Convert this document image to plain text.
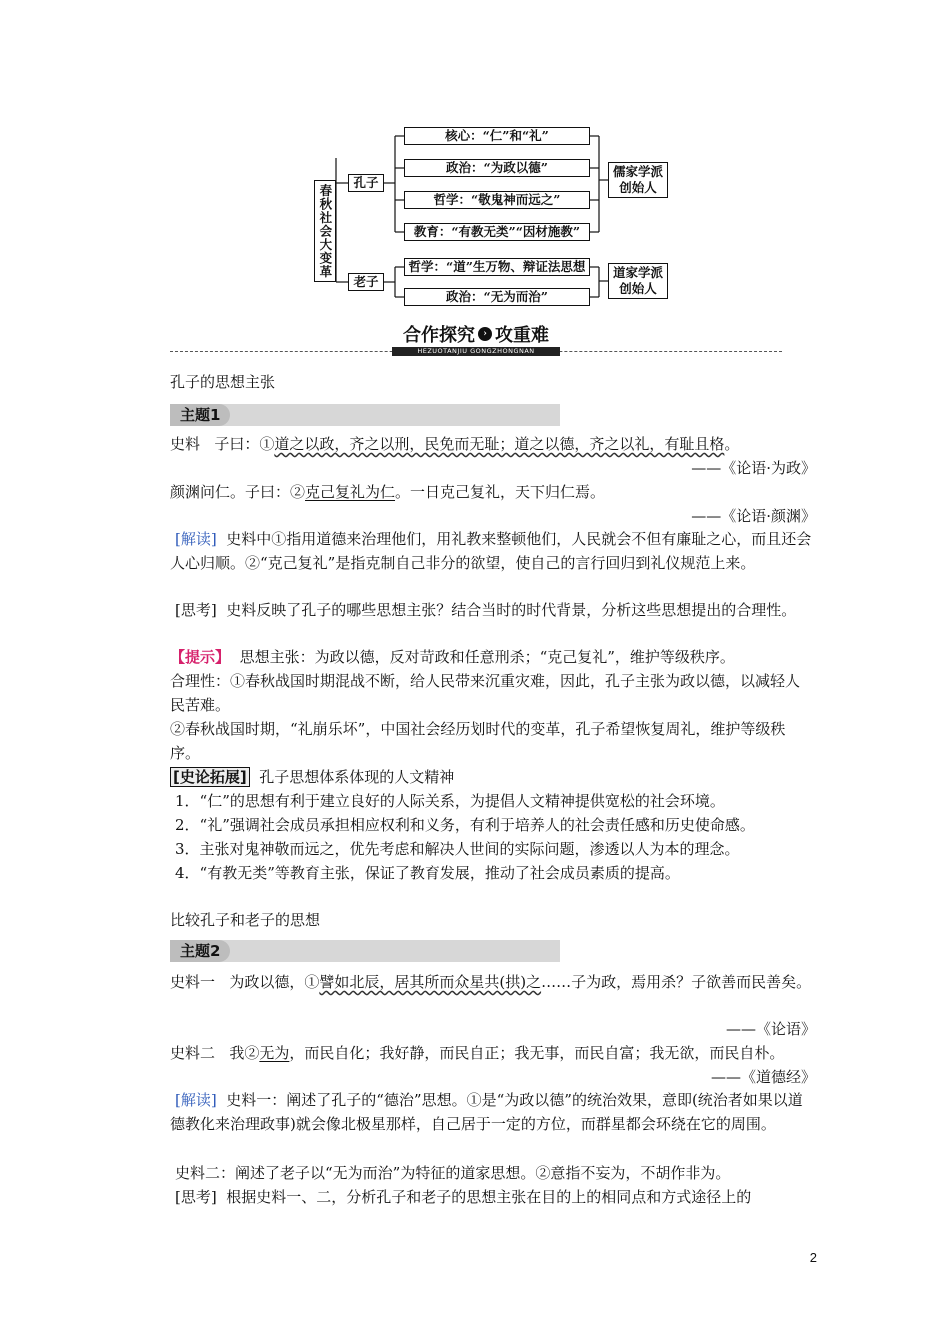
春秋社会大变革
孔子
核心：“仁”和“礼”
政治：“为政以德”
哲学：“敬鬼神而远之”
教育：“有教无类”“因材施教”
儒家学派创始人
老子
哲学：“道”生万物、辩证法思想
政治：“无为而治”
道家学派创始人
合作探究 › 攻重难
HEZUOTANJIU GONGZHONGNAN
孔子的思想主张
主题1
史料 子曰：①道之以政，齐之以刑，民免而无耻；道之以德，齐之以礼，有耻且格。
——《论语·为政》
颜渊问仁。子曰：②克己复礼为仁。一日克己复礼，天下归仁焉。
——《论语·颜渊》
[解读] 史料中①指用道德来治理他们，用礼教来整顿他们，人民就会不但有廉耻之心，而且还会人心归顺。②“克己复礼”是指克制自己非分的欲望，使自己的言行回归到礼仪规范上来。
[思考] 史料反映了孔子的哪些思想主张？结合当时的时代背景，分析这些思想提出的合理性。
【提示】 思想主张：为政以德，反对苛政和任意刑杀；“克己复礼”，维护等级秩序。
合理性：①春秋战国时期混战不断，给人民带来沉重灾难，因此，孔子主张为政以德，以减轻人民苦难。
②春秋战国时期，“礼崩乐坏”，中国社会经历划时代的变革，孔子希望恢复周礼，维护等级秩序。
[史论拓展] 孔子思想体系体现的人文精神
1．“仁”的思想有利于建立良好的人际关系，为提倡人文精神提供宽松的社会环境。
2．“礼”强调社会成员承担相应权利和义务，有利于培养人的社会责任感和历史使命感。
3．主张对鬼神敬而远之，优先考虑和解决人世间的实际问题，渗透以人为本的理念。
4．“有教无类”等教育主张，保证了教育发展，推动了社会成员素质的提高。
比较孔子和老子的思想
主题2
史料一 为政以德，①譬如北辰，居其所而众星共(拱)之……子为政，焉用杀？子欲善而民善矣。
——《论语》
史料二 我②无为，而民自化；我好静，而民自正；我无事，而民自富；我无欲，而民自朴。
——《道德经》
[解读] 史料一：阐述了孔子的“德治”思想。①是“为政以德”的统治效果，意即(统治者如果以道德教化来治理政事)就会像北极星那样，自己居于一定的方位，而群星都会环绕在它的周围。
史料二：阐述了老子以“无为而治”为特征的道家思想。②意指不妄为，不胡作非为。
[思考] 根据史料一、二，分析孔子和老子的思想主张在目的上的相同点和方式途径上的
2
